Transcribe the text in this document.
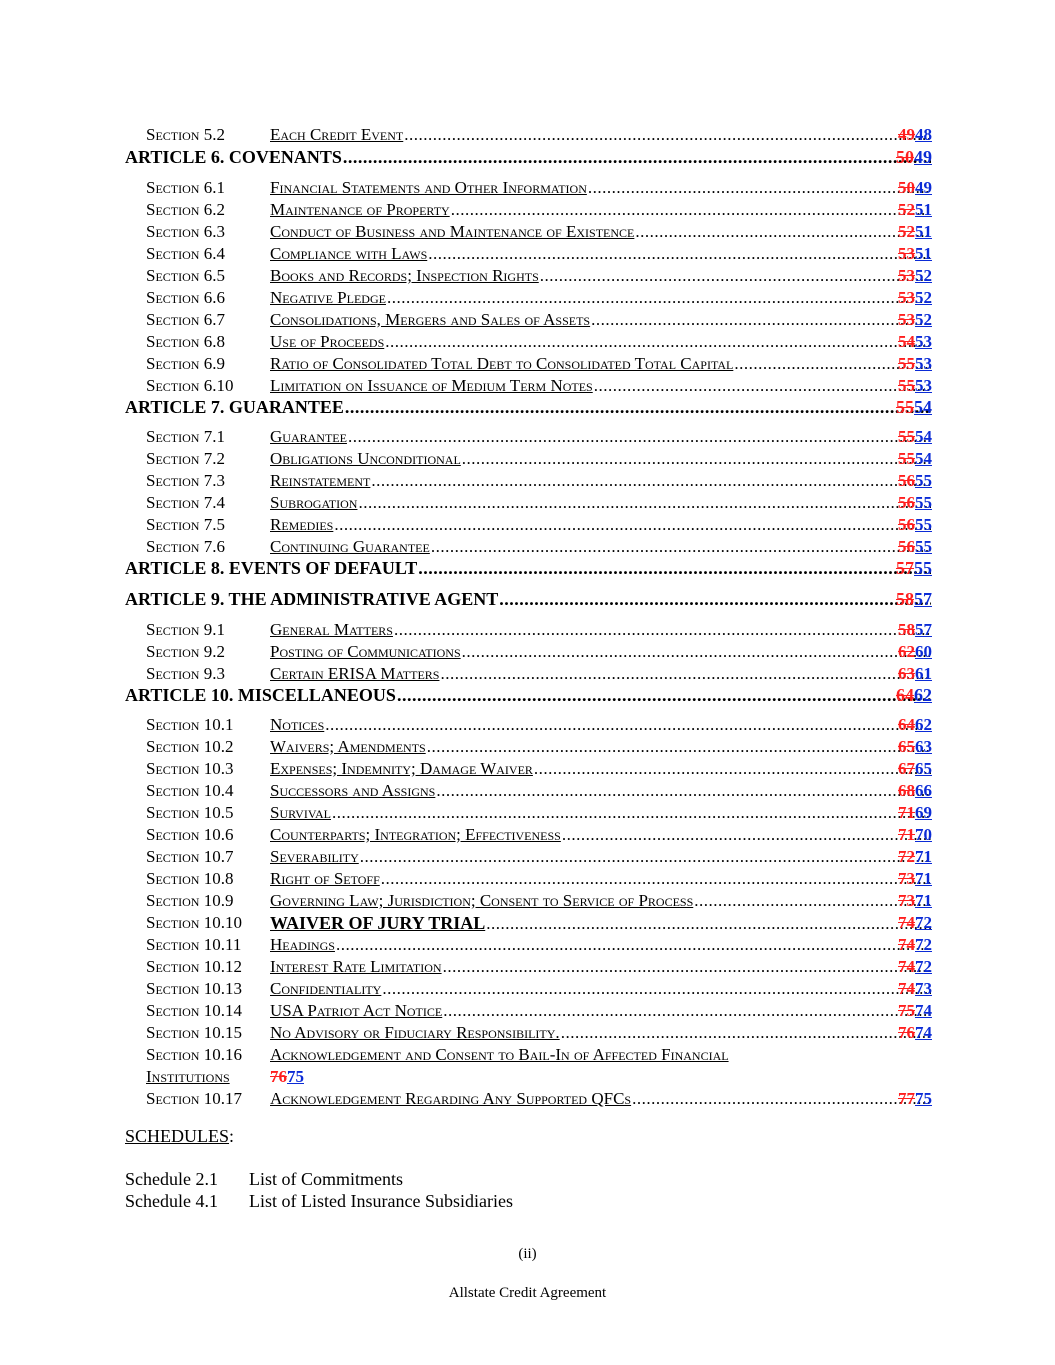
Section 5.2	Each Credit Event .....	4948
ARTICLE 6. COVENANTS .....	5049
Section 6.1	Financial Statements and Other Information .....	5049
Section 6.2	Maintenance of Property .....	5251
Section 6.3	Conduct of Business and Maintenance of Existence .....	5251
Section 6.4	Compliance with Laws .....	5351
Section 6.5	Books and Records; Inspection Rights .....	5352
Section 6.6	Negative Pledge .....	5352
Section 6.7	Consolidations, Mergers and Sales of Assets .....	5352
Section 6.8	Use of Proceeds .....	5453
Section 6.9	Ratio of Consolidated Total Debt to Consolidated Total Capital .....	5553
Section 6.10 Limitation on Issuance of Medium Term Notes .....	5553
ARTICLE 7. GUARANTEE .....	5554
Section 7.1	Guarantee .....	5554
Section 7.2	Obligations Unconditional .....	5554
Section 7.3	Reinstatement .....	5655
Section 7.4	Subrogation .....	5655
Section 7.5	Remedies .....	5655
Section 7.6	Continuing Guarantee .....	5655
ARTICLE 8. EVENTS OF DEFAULT .....	5755
ARTICLE 9. THE ADMINISTRATIVE AGENT .....	5857
Section 9.1	General Matters .....	5857
Section 9.2	Posting of Communications .....	6260
Section 9.3	Certain ERISA Matters .....	6361
ARTICLE 10. MISCELLANEOUS .....	6462
Section 10.1 Notices .....	6462
Section 10.2 Waivers; Amendments .....	6563
Section 10.3 Expenses; Indemnity; Damage Waiver .....	6765
Section 10.4 Successors and Assigns .....	6866
Section 10.5 Survival .....	7169
Section 10.6 Counterparts; Integration; Effectiveness .....	7170
Section 10.7 Severability .....	7271
Section 10.8 Right of Setoff .....	7371
Section 10.9 Governing Law; Jurisdiction; Consent to Service of Process .....	7371
Section 10.10 WAIVER OF JURY TRIAL .....	7472
Section 10.11 Headings .....	7472
Section 10.12 Interest Rate Limitation .....	7472
Section 10.13 Confidentiality .....	7473
Section 10.14 USA Patriot Act Notice .....	7574
Section 10.15 No Advisory or Fiduciary Responsibility. .....	7674
Section 10.16 Acknowledgement and Consent to Bail-In of Affected Financial
Institutions 7675
Section 10.17 Acknowledgement Regarding Any Supported QFCs .....	7775
SCHEDULES:
Schedule 2.1 List of Commitments
Schedule 4.1 List of Listed Insurance Subsidiaries
(ii)
Allstate Credit Agreement
